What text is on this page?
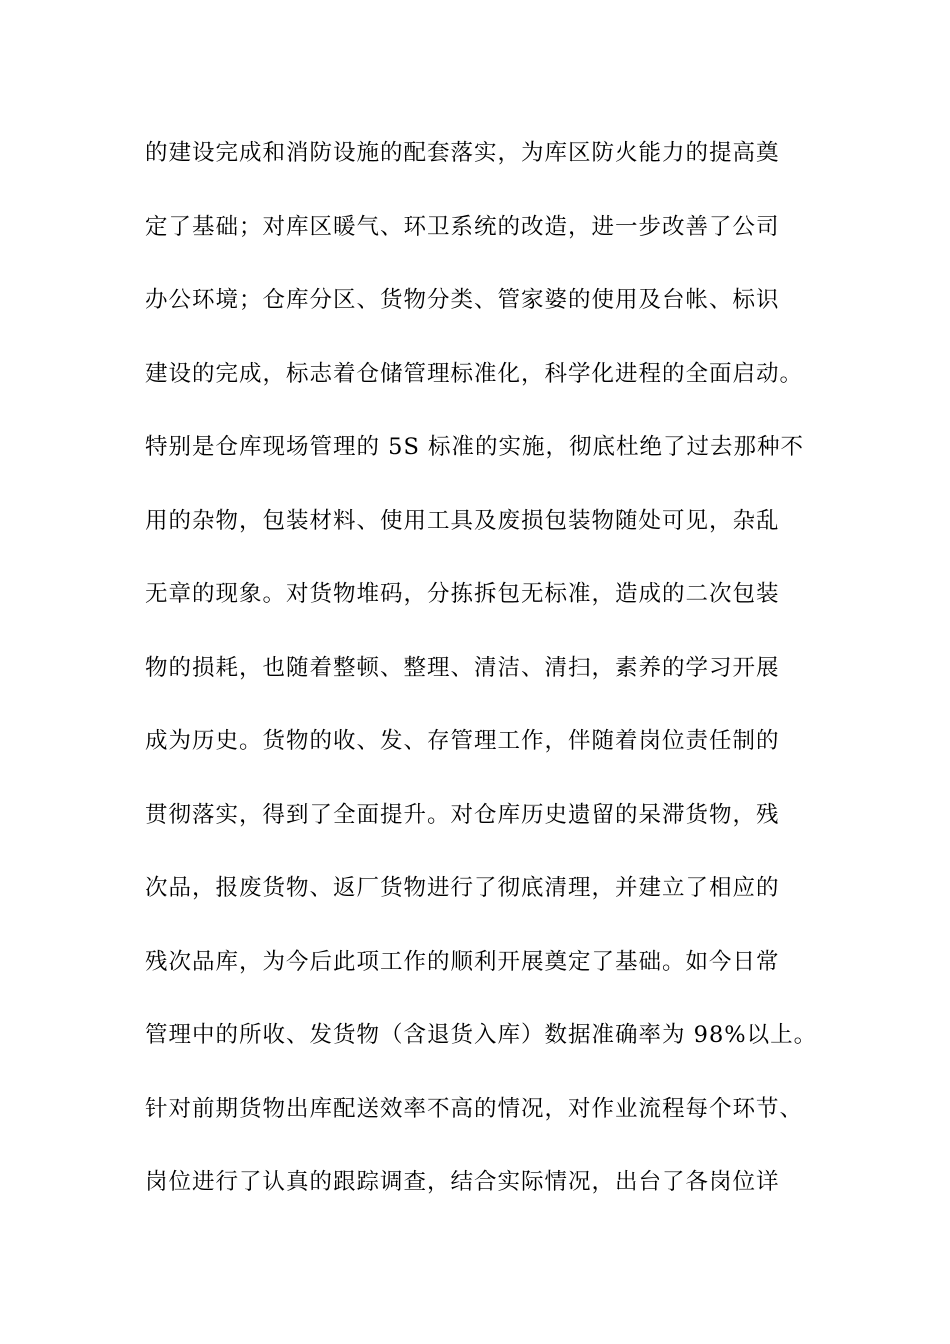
的建设完成和消防设施的配套落实，为库区防火能力的提高奠
定了基础；对库区暖气、环卫系统的改造，进一步改善了公司
办公环境；仓库分区、货物分类、管家婆的使用及台帐、标识
建设的完成，标志着仓储管理标准化，科学化进程的全面启动。
特别是仓库现场管理的 5S 标准的实施，彻底杜绝了过去那种不
用的杂物，包装材料、使用工具及废损包装物随处可见，杂乱
无章的现象。对货物堆码，分拣拆包无标准，造成的二次包装
物的损耗，也随着整顿、整理、清洁、清扫，素养的学习开展
成为历史。货物的收、发、存管理工作，伴随着岗位责任制的
贯彻落实，得到了全面提升。对仓库历史遗留的呆滞货物，残
次品，报废货物、返厂货物进行了彻底清理，并建立了相应的
残次品库，为今后此项工作的顺利开展奠定了基础。如今日常
管理中的所收、发货物（含退货入库）数据准确率为 98%以上。
针对前期货物出库配送效率不高的情况，对作业流程每个环节、
岗位进行了认真的跟踪调查，结合实际情况，出台了各岗位详
